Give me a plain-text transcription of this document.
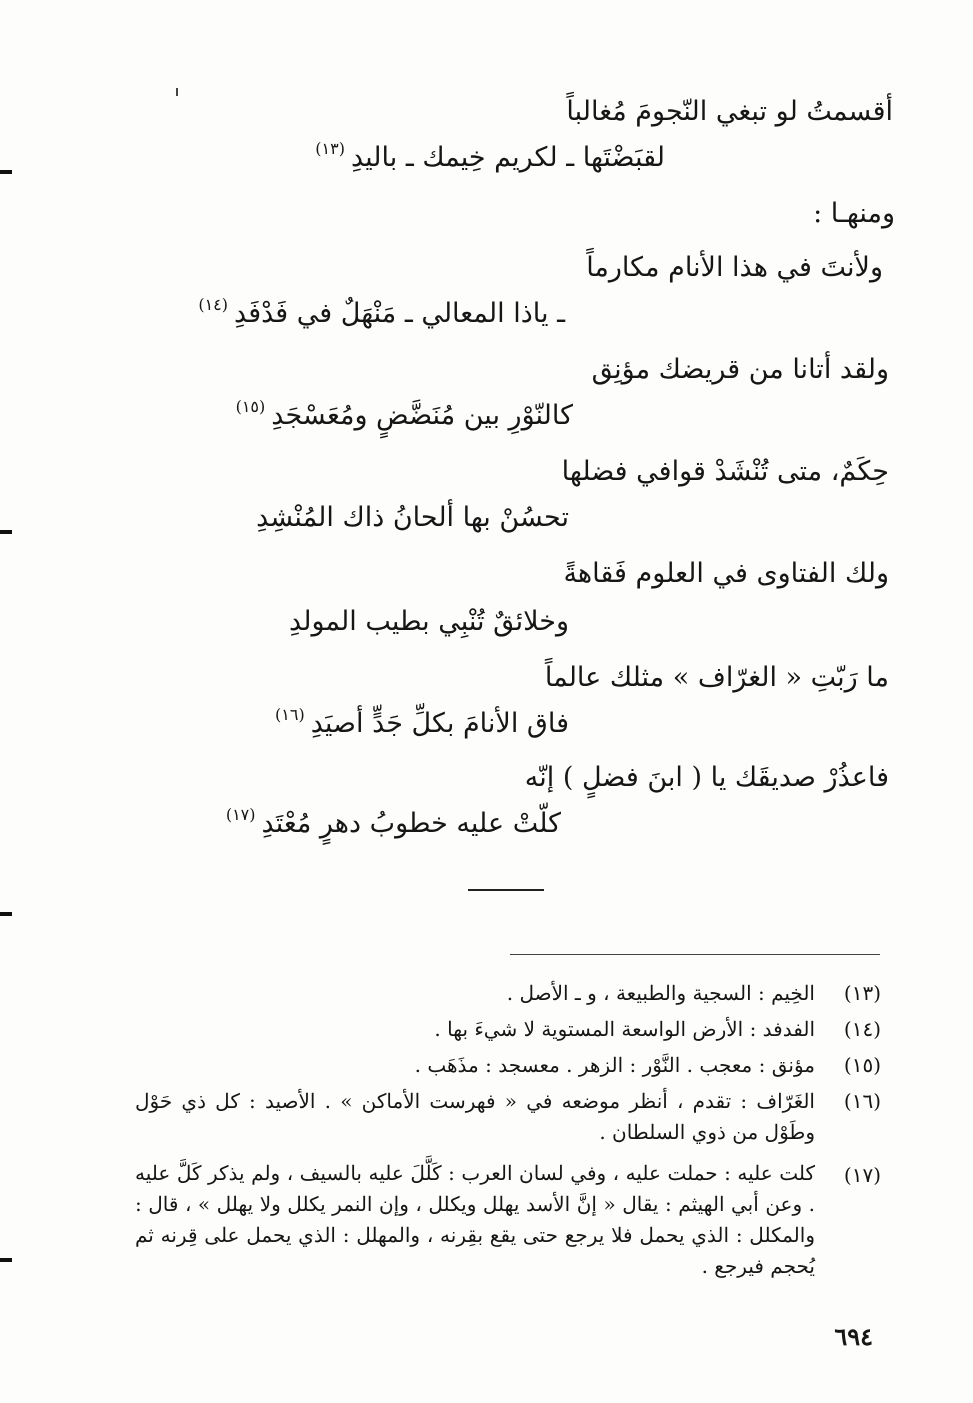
أقسمتُ لو تبغي النّجومَ مُغالباً
لقبَضْتَها ـ لكريم خِيمك ـ باليدِ$^{(١٣)}$
ومنهـا :
ولأنتَ في هذا الأنام مكارماً
ـ ياذا المعالي ـ مَنْهَلٌ في فَدْفَدِ$^{(١٤)}$
ولقد أتانا من قريضك مؤنِق
كالنّوْرِ بين مُنَضَّضٍ ومُعَسْجَدِ$^{(١٥)}$
حِكَمٌ، متى تُنْشَدْ قوافي فضلها
تحسُنْ بها ألحانُ ذاك المُنْشِدِ
ولك الفتاوى في العلوم فَقاهةً
وخلائقٌ تُنْبِي بطيب المولدِ
ما رَبّتِ « الغرّاف » مثلك عالماً
فاق الأنامَ بكلِّ جَدٍّ أصيَدِ$^{(١٦)}$
فاعذُرْ صديقَك يا ( ابنَ فضلٍ ) إنّه
كلّتْ عليه خطوبُ دهرٍ مُعْتَدِ$^{(١٧)}$
(١٣)
الخِيم : السجية والطبيعة ، و ـ الأصل .
(١٤)
الفدفد : الأرض الواسعة المستوية لا شيءَ بها .
(١٥)
مؤنق : معجب . النَّوْر : الزهر . معسجد : مذَهَب .
(١٦)
الغَرّاف : تقدم ، أنظر موضعه في « فهرست الأماكن » . الأصيد : كل ذي حَوْل وطَوْل من ذوي السلطان .
(١٧)
كلت عليه : حملت عليه ، وفي لسان العرب : كَلَّلَ عليه بالسيف ، ولم يذكر كَلَّ عليه . وعن أبي الهيثم : يقال « إنَّ الأسد يهلل ويكلل ، وإن النمر يكلل ولا يهلل » ، قال : والمكلل : الذي يحمل فلا يرجع حتى يقع بقِرنه ، والمهلل : الذي يحمل على قِرنه ثم يُحجم فيرجع .
٦٩٤
